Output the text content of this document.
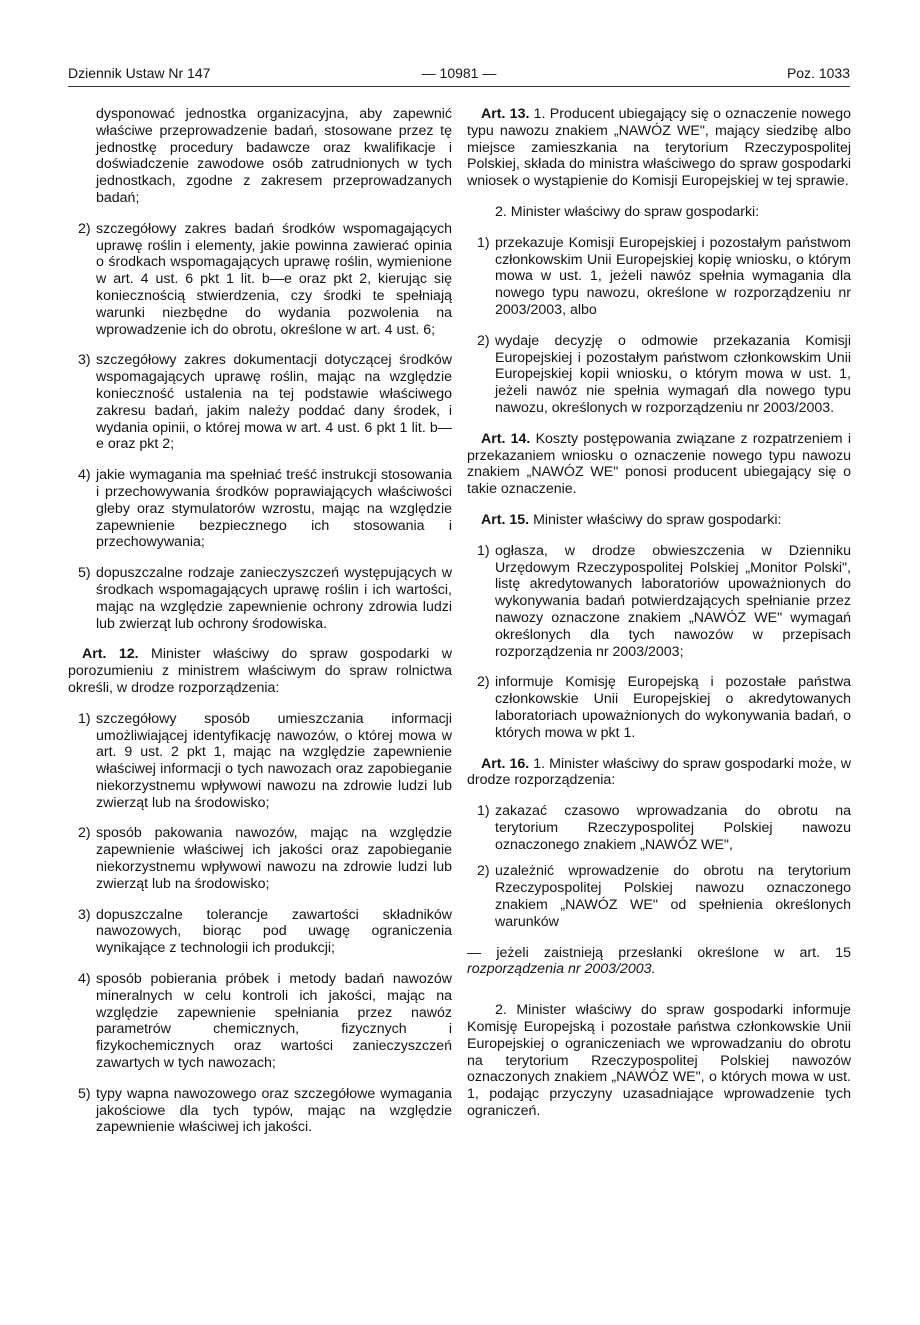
Dziennik Ustaw Nr 147	— 10981 —	Poz. 1033

dysponować jednostka organizacyjna, aby zapewnić właściwe przeprowadzenie badań, stosowane przez tę jednostkę procedury badawcze oraz kwalifikacje i doświadczenie zawodowe osób zatrudnionych w tych jednostkach, zgodne z zakresem przeprowadzanych badań;

2) szczegółowy zakres badań środków wspomagających uprawę roślin i elementy, jakie powinna zawierać opinia o środkach wspomagających uprawę roślin, wymienione w art. 4 ust. 6 pkt 1 lit. b—e oraz pkt 2, kierując się koniecznością stwierdzenia, czy środki te spełniają warunki niezbędne do wydania pozwolenia na wprowadzenie ich do obrotu, określone w art. 4 ust. 6;
3) szczegółowy zakres dokumentacji dotyczącej środków wspomagających uprawę roślin, mając na względzie konieczność ustalenia na tej podstawie właściwego zakresu badań, jakim należy poddać dany środek, i wydania opinii, o której mowa w art. 4 ust. 6 pkt 1 lit. b—e oraz pkt 2;
4) jakie wymagania ma spełniać treść instrukcji stosowania i przechowywania środków poprawiających właściwości gleby oraz stymulatorów wzrostu, mając na względzie zapewnienie bezpiecznego ich stosowania i przechowywania;
5) dopuszczalne rodzaje zanieczyszczeń występujących w środkach wspomagających uprawę roślin i ich wartości, mając na względzie zapewnienie ochrony zdrowia ludzi lub zwierząt lub ochrony środowiska.

Art. 12. Minister właściwy do spraw gospodarki w porozumieniu z ministrem właściwym do spraw rolnictwa określi, w drodze rozporządzenia:

1) szczegółowy sposób umieszczania informacji umożliwiającej identyfikację nawozów, o której mowa w art. 9 ust. 2 pkt 1, mając na względzie zapewnienie właściwej informacji o tych nawozach oraz zapobieganie niekorzystnemu wpływowi nawozu na zdrowie ludzi lub zwierząt lub na środowisko;
2) sposób pakowania nawozów, mając na względzie zapewnienie właściwej ich jakości oraz zapobieganie niekorzystnemu wpływowi nawozu na zdrowie ludzi lub zwierząt lub na środowisko;
3) dopuszczalne tolerancje zawartości składników nawozowych, biorąc pod uwagę ograniczenia wynikające z technologii ich produkcji;
4) sposób pobierania próbek i metody badań nawozów mineralnych w celu kontroli ich jakości, mając na względzie zapewnienie spełniania przez nawóz parametrów chemicznych, fizycznych i fizykochemicznych oraz wartości zanieczyszczeń zawartych w tych nawozach;
5) typy wapna nawozowego oraz szczegółowe wymagania jakościowe dla tych typów, mając na względzie zapewnienie właściwej ich jakości.

Art. 13. 1. Producent ubiegający się o oznaczenie nowego typu nawozu znakiem „NAWÓZ WE", mający siedzibę albo miejsce zamieszkania na terytorium Rzeczypospolitej Polskiej, składa do ministra właściwego do spraw gospodarki wniosek o wystąpienie do Komisji Europejskiej w tej sprawie.

2. Minister właściwy do spraw gospodarki:

1) przekazuje Komisji Europejskiej i pozostałym państwom członkowskim Unii Europejskiej kopię wniosku, o którym mowa w ust. 1, jeżeli nawóz spełnia wymagania dla nowego typu nawozu, określone w rozporządzeniu nr 2003/2003, albo
2) wydaje decyzję o odmowie przekazania Komisji Europejskiej i pozostałym państwom członkowskim Unii Europejskiej kopii wniosku, o którym mowa w ust. 1, jeżeli nawóz nie spełnia wymagań dla nowego typu nawozu, określonych w rozporządzeniu nr 2003/2003.

Art. 14. Koszty postępowania związane z rozpatrzeniem i przekazaniem wniosku o oznaczenie nowego typu nawozu znakiem „NAWÓZ WE" ponosi producent ubiegający się o takie oznaczenie.

Art. 15. Minister właściwy do spraw gospodarki:

1) ogłasza, w drodze obwieszczenia w Dzienniku Urzędowym Rzeczypospolitej Polskiej „Monitor Polski", listę akredytowanych laboratoriów upoważnionych do wykonywania badań potwierdzających spełnianie przez nawozy oznaczone znakiem „NAWÓZ WE" wymagań określonych dla tych nawozów w przepisach rozporządzenia nr 2003/2003;
2) informuje Komisję Europejską i pozostałe państwa członkowskie Unii Europejskiej o akredytowanych laboratoriach upoważnionych do wykonywania badań, o których mowa w pkt 1.

Art. 16. 1. Minister właściwy do spraw gospodarki może, w drodze rozporządzenia:

1) zakazać czasowo wprowadzania do obrotu na terytorium Rzeczypospolitej Polskiej nawozu oznaczonego znakiem „NAWÓZ WE",
2) uzależnić wprowadzenie do obrotu na terytorium Rzeczypospolitej Polskiej nawozu oznaczonego znakiem „NAWÓZ WE" od spełnienia określonych warunków

— jeżeli zaistnieją przesłanki określone w art. 15 rozporządzenia nr 2003/2003.

2. Minister właściwy do spraw gospodarki informuje Komisję Europejską i pozostałe państwa członkowskie Unii Europejskiej o ograniczeniach we wprowadzaniu do obrotu na terytorium Rzeczypospolitej Polskiej nawozów oznaczonych znakiem „NAWÓZ WE", o których mowa w ust. 1, podając przyczyny uzasadniające wprowadzenie tych ograniczeń.
